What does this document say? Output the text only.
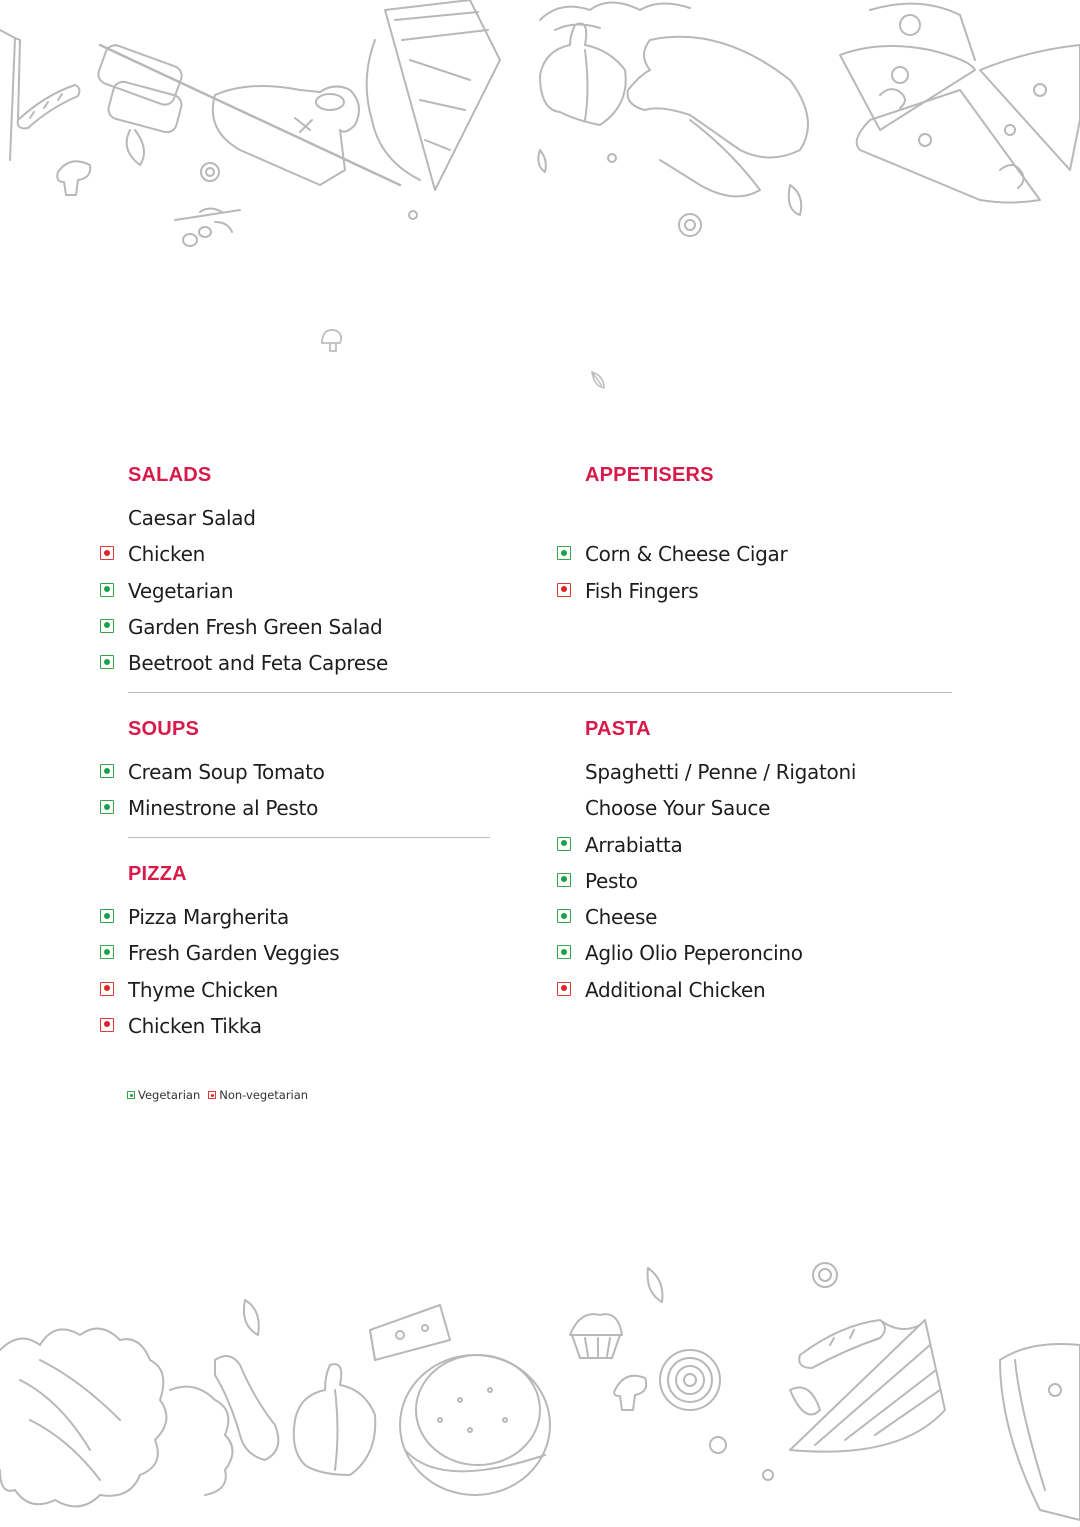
SALADS
Caesar Salad
Chicken
Vegetarian
Garden Fresh Green Salad
Beetroot and Feta Caprese
APPETISERS
Corn & Cheese Cigar
Fish Fingers
SOUPS
Cream Soup Tomato
Minestrone al Pesto
PIZZA
Pizza Margherita
Fresh Garden Veggies
Thyme Chicken
Chicken Tikka
PASTA
Spaghetti / Penne / Rigatoni
Choose Your Sauce
Arrabiatta
Pesto
Cheese
Aglio Olio Peperoncino
Additional Chicken
Vegetarian Non-vegetarian
